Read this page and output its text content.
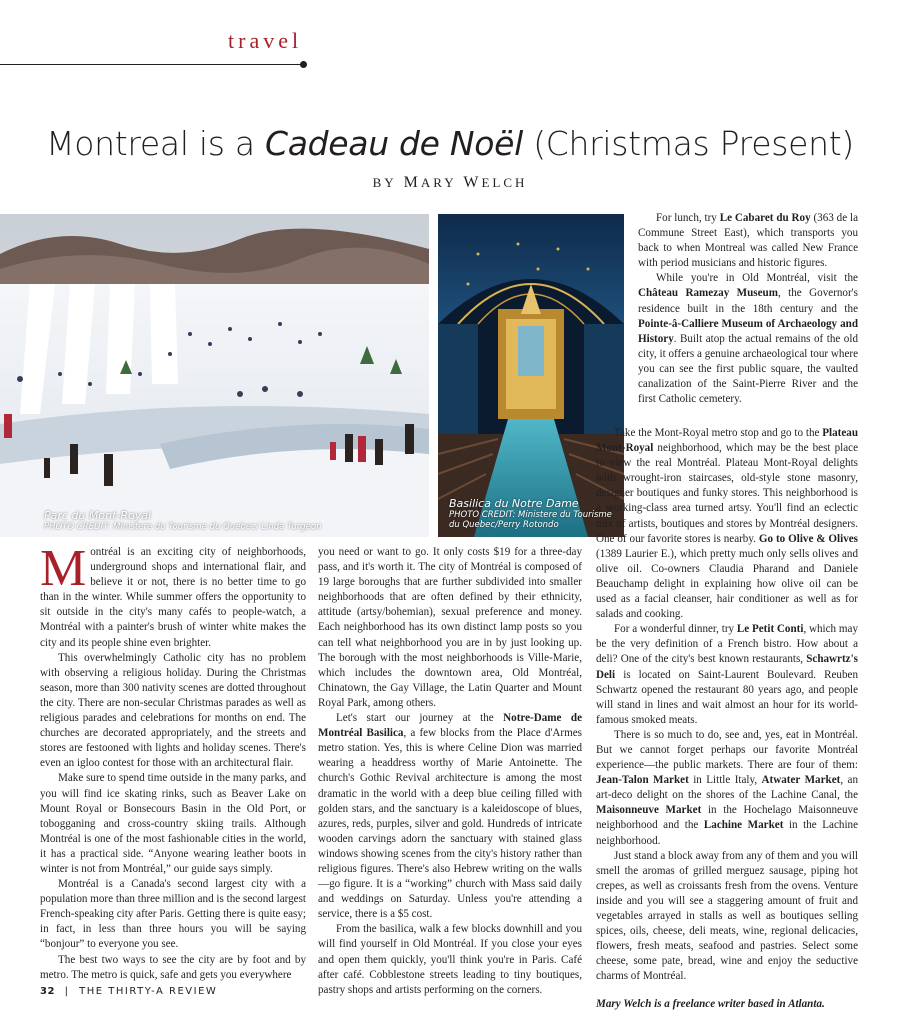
travel
Montreal is a Cadeau de Noël (Christmas Present)
BY MARY WELCH
Parc du Mont-Royal
PHOTO CREDIT: Ministere du Tourisme du Quebec/ Linda Turgeon
Basilica du Notre Dame
PHOTO CREDIT: Ministere du Tourisme
du Quebec/Perry Rotondo

Montréal is an exciting city of neighborhoods, underground shops and international flair, and believe it or not, there is no better time to go than in the winter. While summer offers the opportunity to sit outside in the city's many cafés to people-watch, a Montréal with a painter's brush of winter white makes the city and its people shine even brighter.

This overwhelmingly Catholic city has no problem with observing a religious holiday. During the Christmas season, more than 300 nativity scenes are dotted throughout the city. There are non-secular Christmas parades as well as religious parades and celebrations for months on end. The churches are decorated appropriately, and the streets and stores are festooned with lights and holiday scenes. There's even an igloo contest for those with an architectural flair.

Make sure to spend time outside in the many parks, and you will find ice skating rinks, such as Beaver Lake on Mount Royal or Bonsecours Basin in the Old Port, or tobogganing and cross-country skiing trails. Although Montréal is one of the most fashionable cities in the world, it has a practical side. “Anyone wearing leather boots in winter is not from Montréal,” our guide says simply.

Montréal is a Canada's second largest city with a population more than three million and is the second largest French-speaking city after Paris. Getting there is quite easy; in fact, in less than three hours you will be saying “bonjour” to everyone you see.

The best two ways to see the city are by foot and by metro. The metro is quick, safe and gets you everywhere

you need or want to go. It only costs $19 for a three-day pass, and it's worth it. The city of Montréal is composed of 19 large boroughs that are further subdivided into smaller neighborhoods that are often defined by their ethnicity, attitude (artsy/bohemian), sexual preference and money. Each neighborhood has its own distinct lamp posts so you can tell what neighborhood you are in by just looking up. The borough with the most neighborhoods is Ville-Marie, which includes the downtown area, Old Montréal, Chinatown, the Gay Village, the Latin Quarter and Mount Royal Park, among others.

Let's start our journey at the Notre-Dame de Montréal Basilica, a few blocks from the Place d'Armes metro station. Yes, this is where Celine Dion was married wearing a headdress worthy of Marie Antoinette. The church's Gothic Revival architecture is among the most dramatic in the world with a deep blue ceiling filled with golden stars, and the sanctuary is a kaleidoscope of blues, azures, reds, purples, silver and gold. Hundreds of intricate wooden carvings adorn the sanctuary with stained glass windows showing scenes from the city's history rather than religious figures. There's also Hebrew writing on the walls—go figure. It is a “working” church with Mass said daily and weddings on Saturday. Unless you're attending a service, there is a $5 cost.

From the basilica, walk a few blocks downhill and you will find yourself in Old Montréal. If you close your eyes and open them quickly, you'll think you're in Paris. Café after café. Cobblestone streets leading to tiny boutiques, pastry shops and artists performing on the corners.

For lunch, try Le Cabaret du Roy (363 de la Commune Street East), which transports you back to when Montreal was called New France with period musicians and historic figures.

While you're in Old Montréal, visit the Château Ramezay Museum, the Governor's residence built in the 18th century and the Pointe-â-Calliere Museum of Archaeology and History. Built atop the actual remains of the old city, it offers a genuine archaeological tour where you can see the first public square, the vaulted canalization of the Saint-Pierre River and the first Catholic cemetery.

Take the Mont-Royal metro stop and go to the Plateau Mont-Royal neighborhood, which may be the best place to view the real Montréal. Plateau Mont-Royal delights with wrought-iron staircases, old-style stone masonry, designer boutiques and funky stores. This neighborhood is a working-class area turned artsy. You'll find an eclectic mix of artists, boutiques and stores by Montréal designers. One of our favorite stores is nearby. Go to Olive & Olives (1389 Laurier E.), which pretty much only sells olives and olive oil. Co-owners Claudia Pharand and Daniele Beauchamp delight in explaining how olive oil can be used as a facial cleanser, hair conditioner as well as for salads and cooking.

For a wonderful dinner, try Le Petit Conti, which may be the very definition of a French bistro. How about a deli? One of the city's best known restaurants, Schawrtz's Deli is located on Saint-Laurent Boulevard. Reuben Schwartz opened the restaurant 80 years ago, and people will stand in lines and wait almost an hour for its world-famous smoked meats.

There is so much to do, see and, yes, eat in Montréal. But we cannot forget perhaps our favorite Montréal experience—the public markets. There are four of them: Jean-Talon Market in Little Italy, Atwater Market, an art-deco delight on the shores of the Lachine Canal, the Maisonneuve Market in the Hochelago Maisonneuve neighborhood and the Lachine Market in the Lachine neighborhood.

Just stand a block away from any of them and you will smell the aromas of grilled merguez sausage, piping hot crepes, as well as croissants fresh from the ovens. Venture inside and you will see a staggering amount of fruit and vegetables arrayed in stalls as well as boutiques selling spices, oils, cheese, deli meats, wine, regional delicacies, flowers, fresh meats, seafood and pastries. Select some cheese, some pate, bread, wine and enjoy the seductive charms of Montréal.

Mary Welch is a freelance writer based in Atlanta.

32 | THE THIRTY-A REVIEW
